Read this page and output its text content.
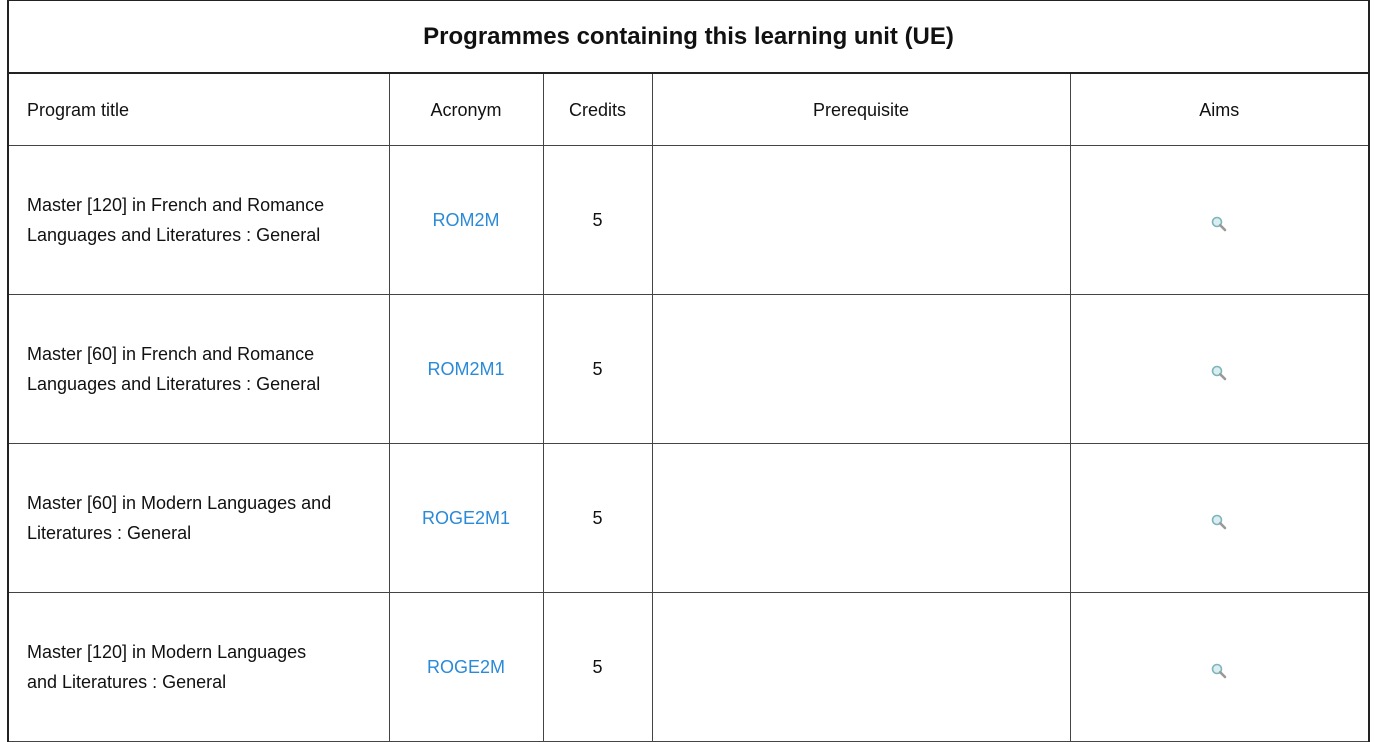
Programmes containing this learning unit (UE)				
Program title	Acronym	Credits	Prerequisite	Aims

Master [120] in French and Romance Languages and Literatures : General	ROM2M	5		

Master [60] in French and Romance Languages and Literatures : General	ROM2M1	5		

Master [60] in Modern Languages and Literatures : General	ROGE2M1	5		

Master [120] in Modern Languages and Literatures : General	ROGE2M	5		
